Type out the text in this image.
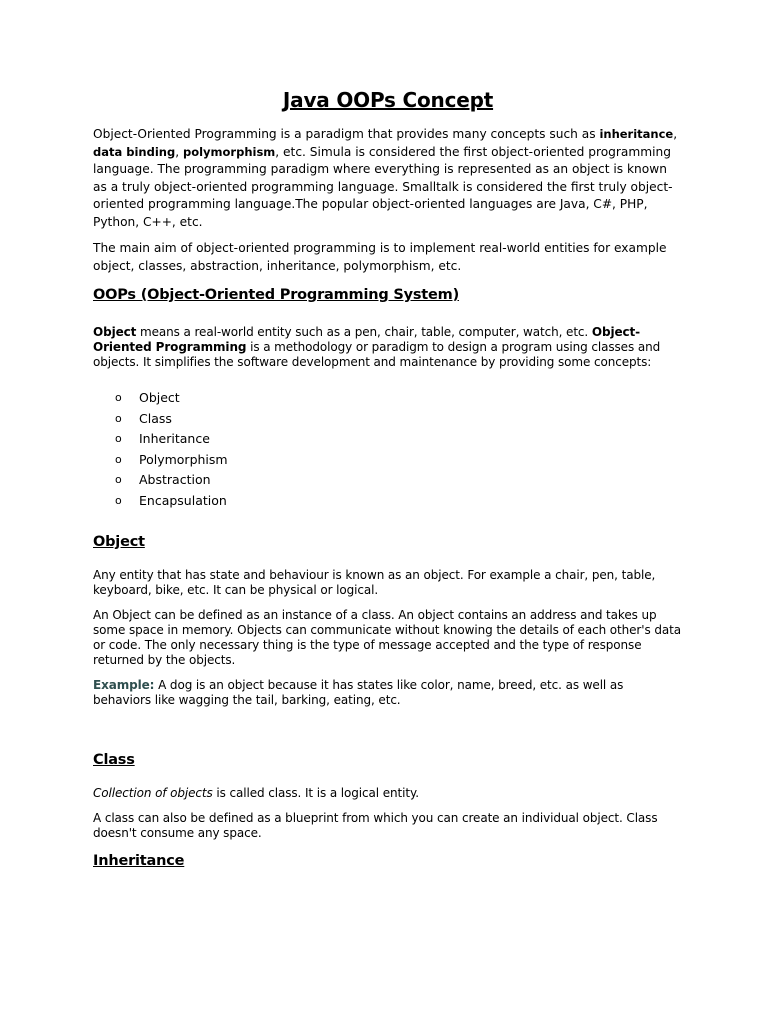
Java OOPs Concept

Object-Oriented Programming is a paradigm that provides many concepts such as inheritance, data binding, polymorphism, etc. Simula is considered the first object-oriented programming language. The programming paradigm where everything is represented as an object is known as a truly object-oriented programming language. Smalltalk is considered the first truly object-oriented programming language.The popular object-oriented languages are Java, C#, PHP, Python, C++, etc.

The main aim of object-oriented programming is to implement real-world entities for example object, classes, abstraction, inheritance, polymorphism, etc.

OOPs (Object-Oriented Programming System)

Object means a real-world entity such as a pen, chair, table, computer, watch, etc. Object-Oriented Programming is a methodology or paradigm to design a program using classes and objects. It simplifies the software development and maintenance by providing some concepts:

o Object
o Class
o Inheritance
o Polymorphism
o Abstraction
o Encapsulation
Object

Any entity that has state and behaviour is known as an object. For example a chair, pen, table, keyboard, bike, etc. It can be physical or logical.

An Object can be defined as an instance of a class. An object contains an address and takes up some space in memory. Objects can communicate without knowing the details of each other's data or code. The only necessary thing is the type of message accepted and the type of response returned by the objects.

Example: A dog is an object because it has states like color, name, breed, etc. as well as behaviors like wagging the tail, barking, eating, etc.

Class

Collection of objects is called class. It is a logical entity.

A class can also be defined as a blueprint from which you can create an individual object. Class doesn't consume any space.

Inheritance
